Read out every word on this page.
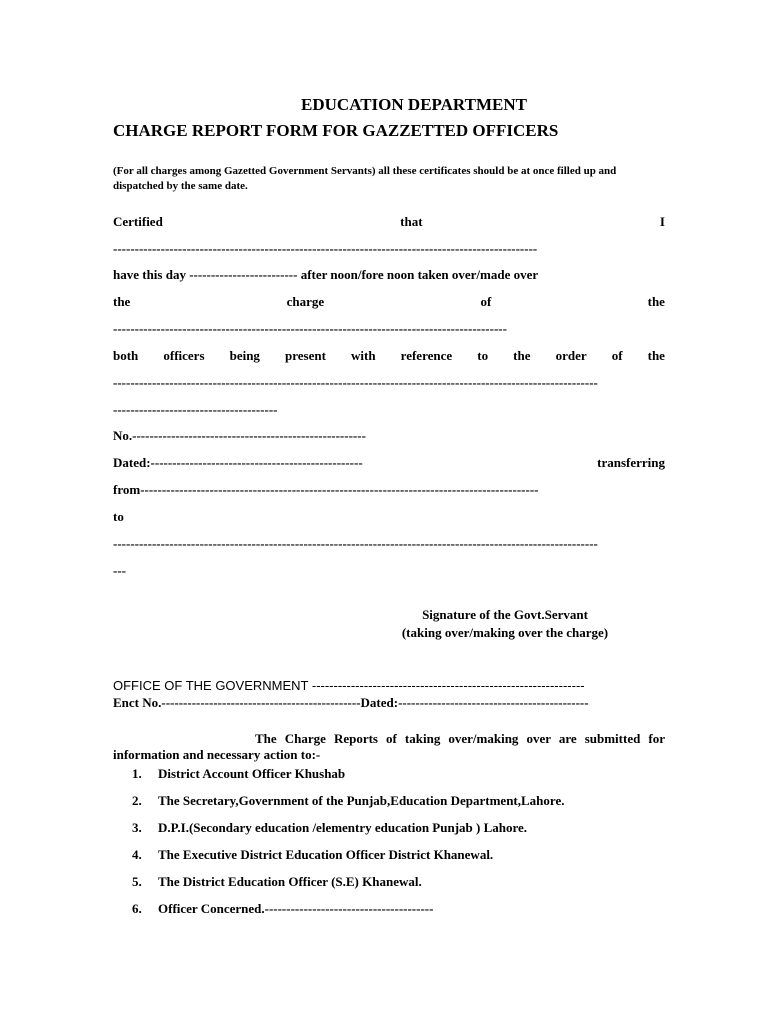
EDUCATION DEPARTMENT
CHARGE REPORT FORM FOR GAZZETTED OFFICERS
(For all charges among Gazetted Government Servants) all these certificates should be at once filled up and dispatched by the same date.
Certified	that	I
--------------------------------------------------------------------------------------------------
have this day ------------------------- after noon/fore noon taken over/made over
the	charge	of	the
-------------------------------------------------------------------------------------------
both officers being present with reference to the order of the
----------------------------------------------------------------------------------------------------------------
--------------------------------------
No.------------------------------------------------------
Dated:-------------------------------------------------	transferring
from--------------------------------------------------------------------------------------------
to
----------------------------------------------------------------------------------------------------------------
---
Signature of the Govt.Servant
(taking over/making over the charge)
OFFICE OF THE GOVERNMENT ---------------------------------------------------------------
Enct No.----------------------------------------------Dated:--------------------------------------------
The Charge Reports of taking over/making over are submitted for information and necessary action to:-
1. District Account Officer Khushab
2. The Secretary,Government of the Punjab,Education Department,Lahore.
3. D.P.I.(Secondary education /elementry education Punjab ) Lahore.
4. The Executive District Education Officer District Khanewal.
5. The District Education Officer (S.E) Khanewal.
6. Officer Concerned.---------------------------------------
